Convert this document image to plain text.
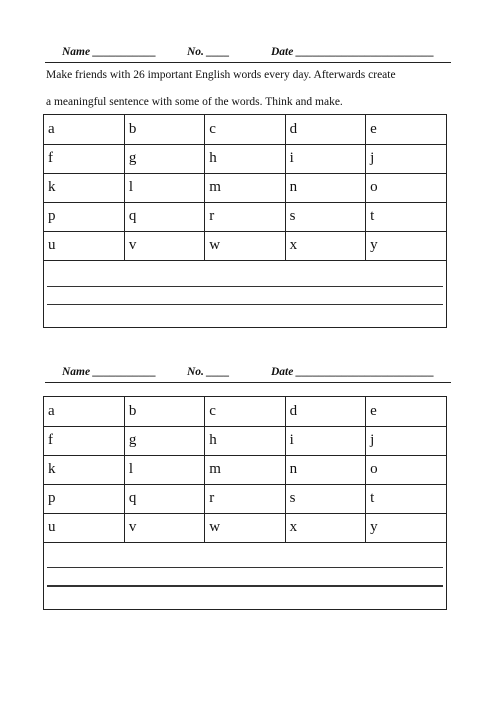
Name ___________	No. ____	Date ________________________
Make friends with 26 important English words every day. Afterwards create
a meaningful sentence with some of the words. Think and make.
a	b	c	d	e
f	g	h	i	j
k	l	m	n	o
p	q	r	s	t
u	v	w	x	y
Name ___________	No. ____	Date ________________________
a	b	c	d	e
f	g	h	i	j
k	l	m	n	o
p	q	r	s	t
u	v	w	x	y
